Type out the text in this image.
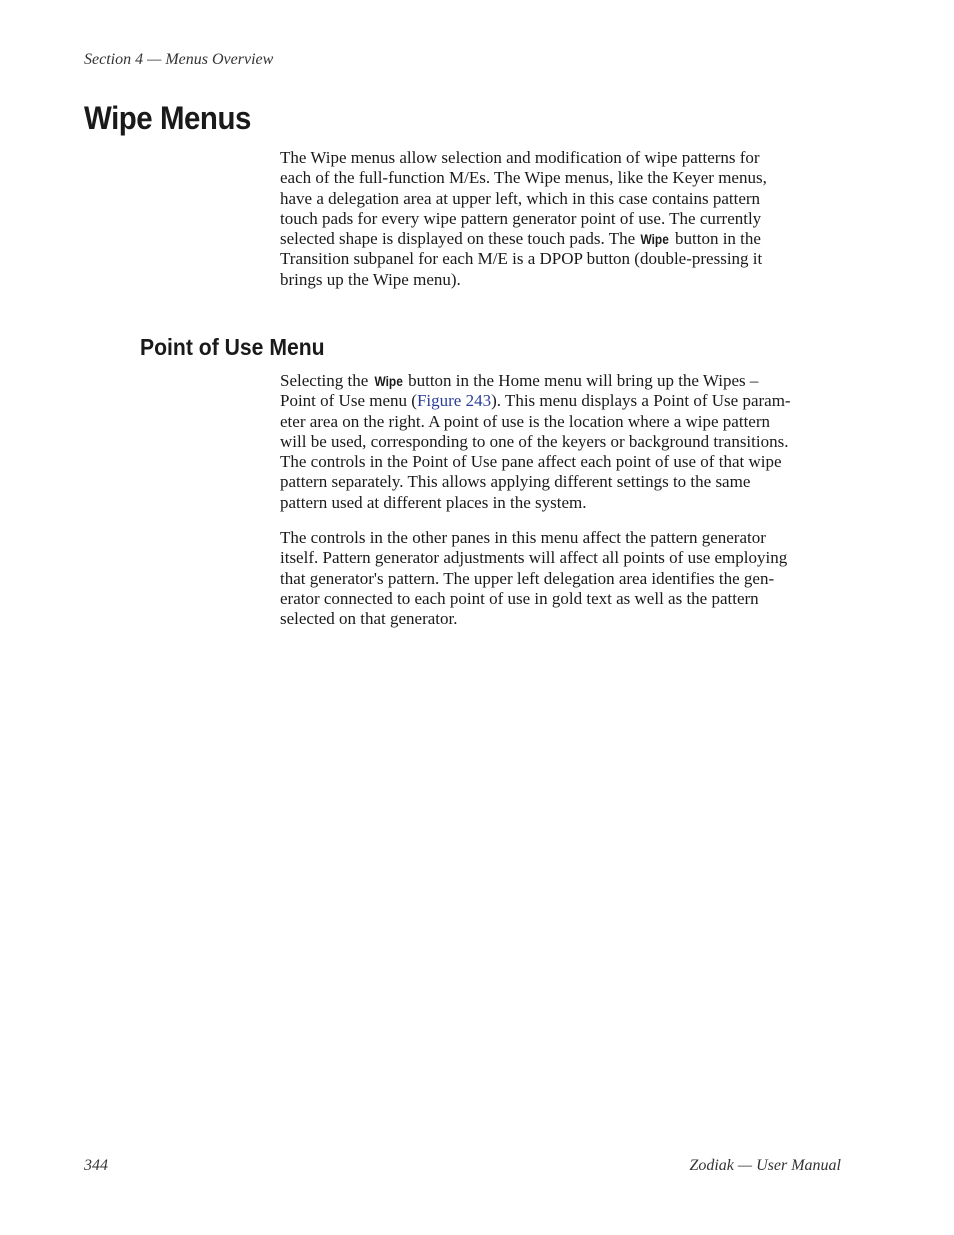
Section 4 — Menus Overview
Wipe Menus

The Wipe menus allow selection and modification of wipe patterns for
each of the full-function M/Es. The Wipe menus, like the Keyer menus,
have a delegation area at upper left, which in this case contains pattern
touch pads for every wipe pattern generator point of use. The currently
selected shape is displayed on these touch pads. The Wipe button in the
Transition subpanel for each M/E is a DPOP button (double-pressing it
brings up the Wipe menu).

Point of Use Menu

Selecting the Wipe button in the Home menu will bring up the Wipes –
Point of Use menu (Figure 243). This menu displays a Point of Use param-
eter area on the right. A point of use is the location where a wipe pattern
will be used, corresponding to one of the keyers or background transitions.
The controls in the Point of Use pane affect each point of use of that wipe
pattern separately. This allows applying different settings to the same
pattern used at different places in the system.

The controls in the other panes in this menu affect the pattern generator
itself. Pattern generator adjustments will affect all points of use employing
that generator's pattern. The upper left delegation area identifies the gen-
erator connected to each point of use in gold text as well as the pattern
selected on that generator.

344	Zodiak — User Manual
